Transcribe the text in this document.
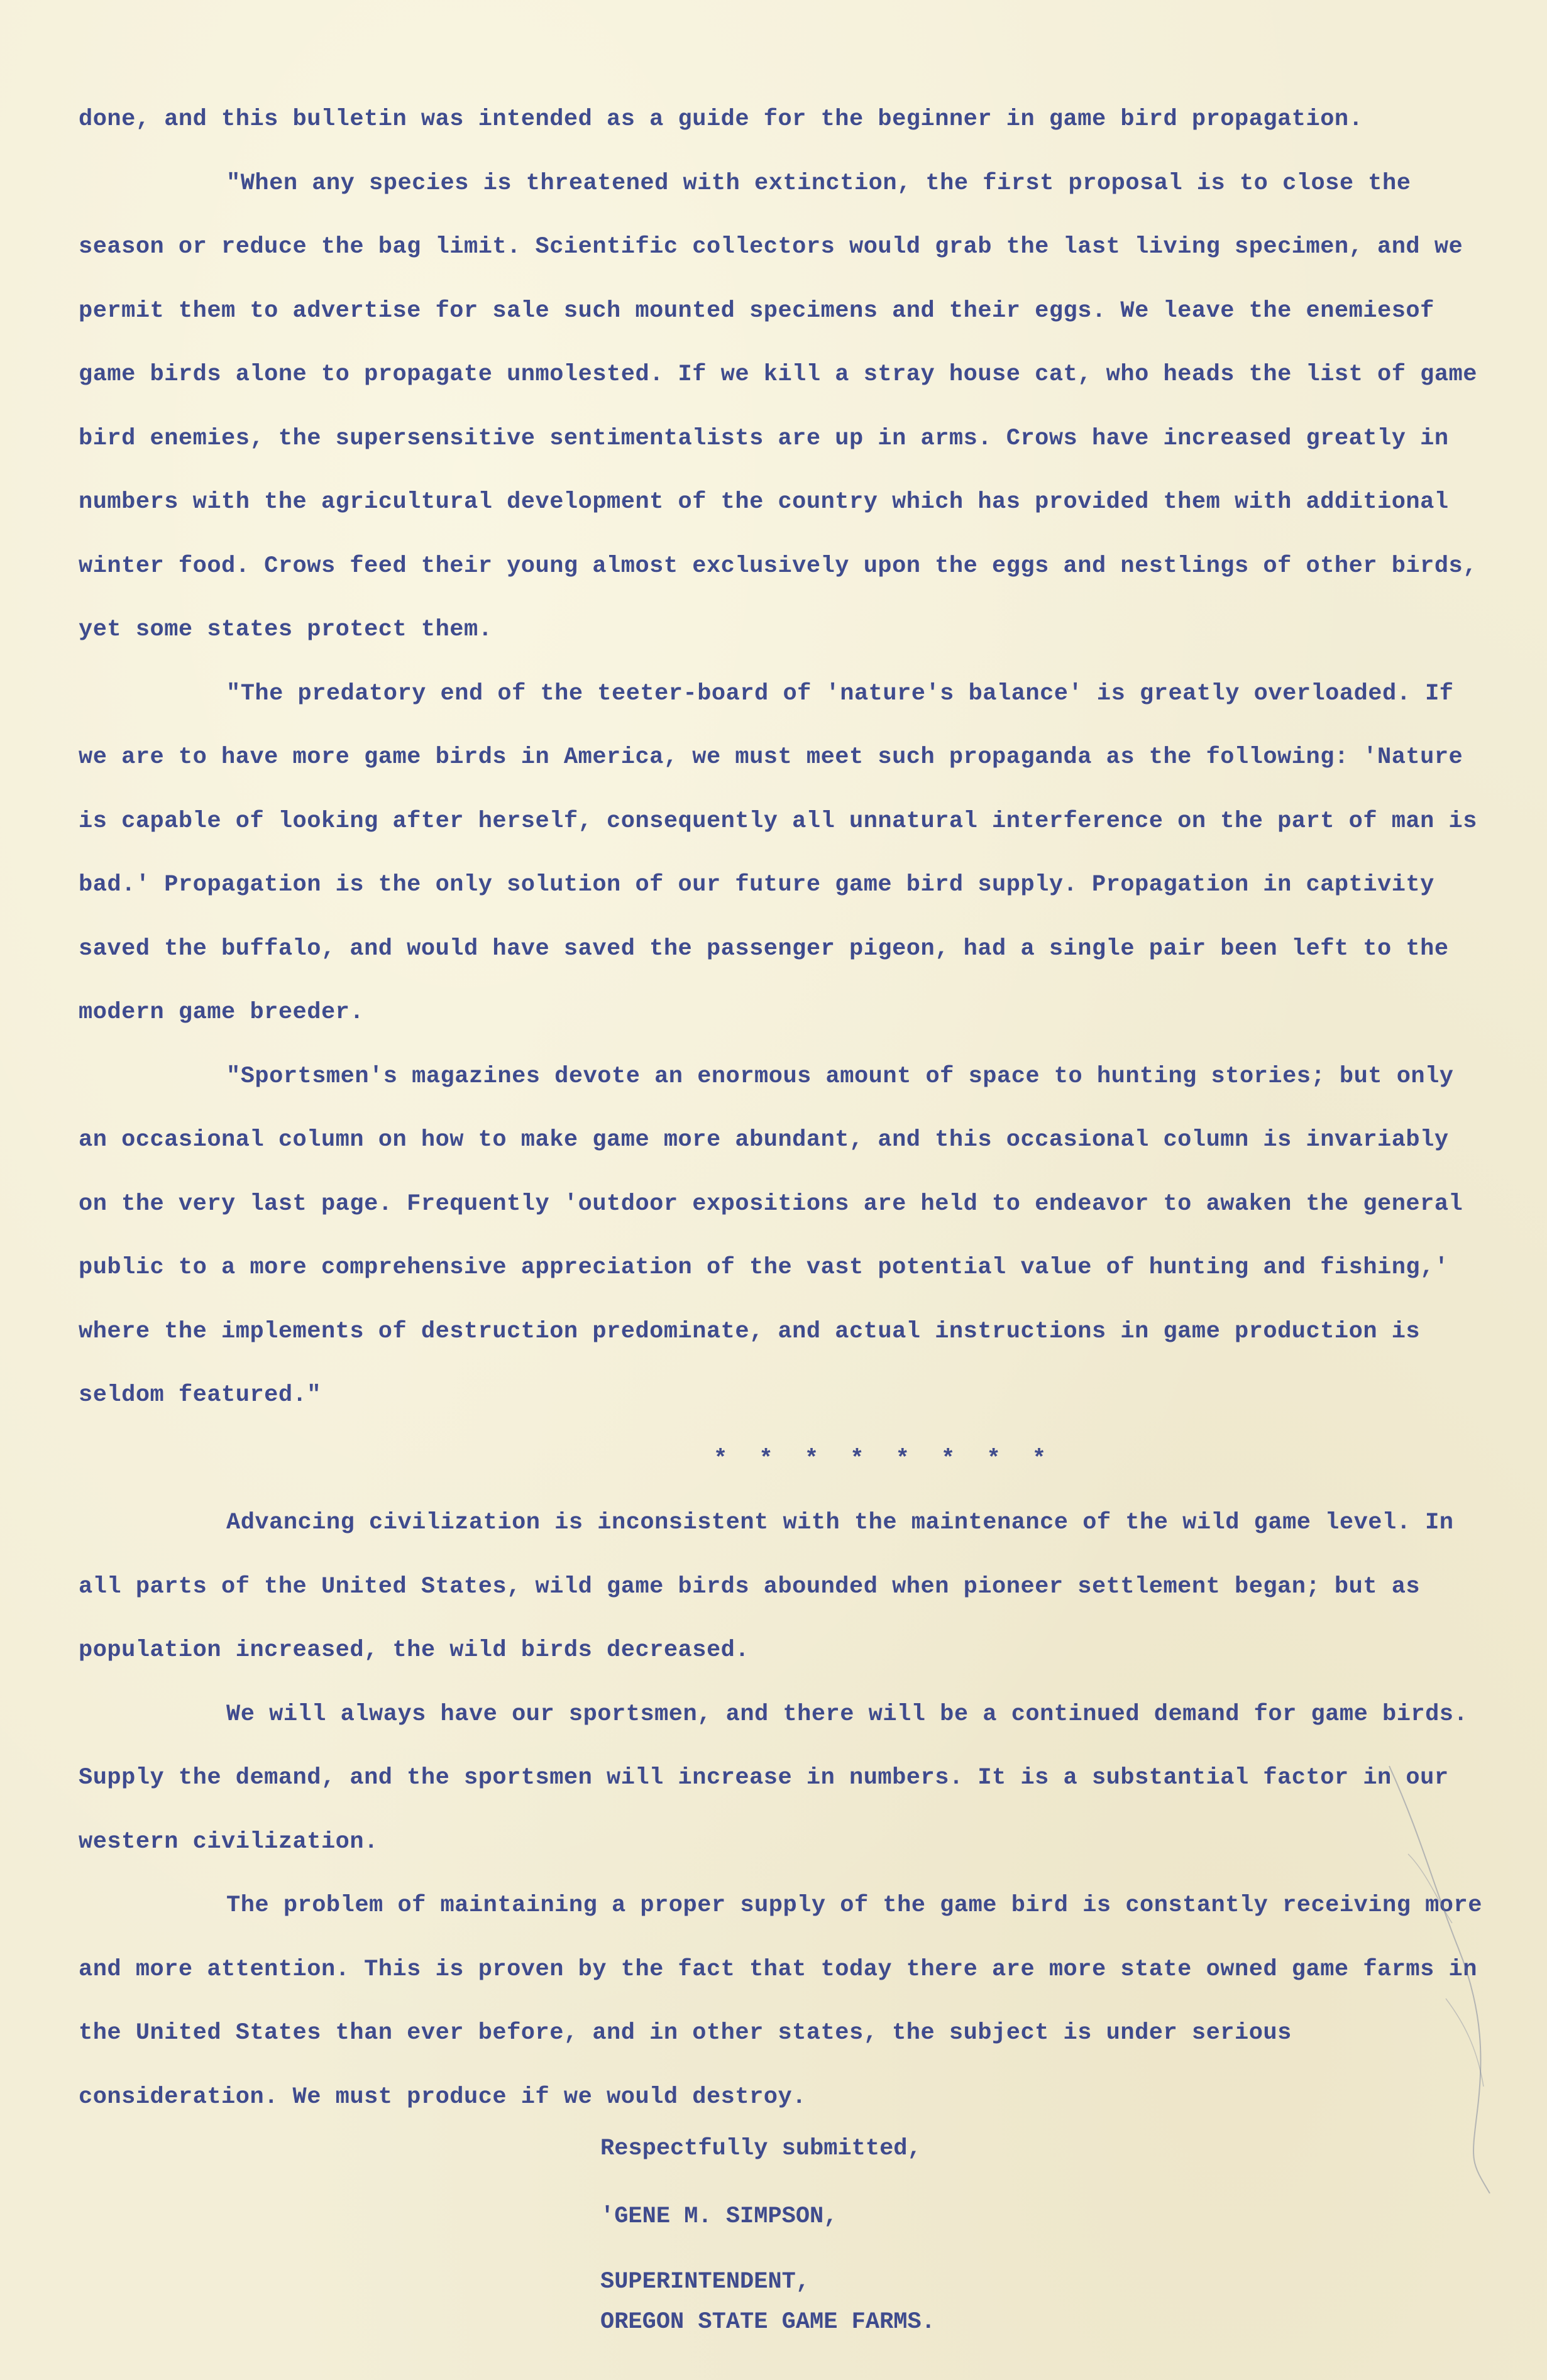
done, and this bulletin was intended as a guide for the beginner in game bird propagation.

"When any species is threatened with extinction, the first proposal is to close the season or reduce the bag limit. Scientific collectors would grab the last living specimen, and we permit them to advertise for sale such mounted specimens and their eggs. We leave the enemiesof game birds alone to propagate unmolested. If we kill a stray house cat, who heads the list of game bird enemies, the supersensitive sentimentalists are up in arms. Crows have increased greatly in numbers with the agricultural development of the country which has provided them with additional winter food. Crows feed their young almost exclusively upon the eggs and nestlings of other birds, yet some states protect them.

"The predatory end of the teeter-board of 'nature's balance' is greatly overloaded. If we are to have more game birds in America, we must meet such propaganda as the following: 'Nature is capable of looking after herself, consequently all unnatural interference on the part of man is bad.' Propagation is the only solution of our future game bird supply. Propagation in captivity saved the buffalo, and would have saved the passenger pigeon, had a single pair been left to the modern game breeder.

"Sportsmen's magazines devote an enormous amount of space to hunting stories; but only an occasional column on how to make game more abundant, and this occasional column is invariably on the very last page. Frequently 'outdoor expositions are held to endeavor to awaken the general public to a more comprehensive appreciation of the vast potential value of hunting and fishing,' where the implements of destruction predominate, and actual instructions in game production is seldom featured."

* * * * * * * *

Advancing civilization is inconsistent with the maintenance of the wild game level. In all parts of the United States, wild game birds abounded when pioneer settlement began; but as population increased, the wild birds decreased.

We will always have our sportsmen, and there will be a continued demand for game birds. Supply the demand, and the sportsmen will increase in numbers. It is a substantial factor in our western civilization.

The problem of maintaining a proper supply of the game bird is constantly receiving more and more attention. This is proven by the fact that today there are more state owned game farms in the United States than ever before, and in other states, the subject is under serious consideration. We must produce if we would destroy.

Respectfully submitted,
'GENE M. SIMPSON,
SUPERINTENDENT,
OREGON STATE GAME FARMS.
